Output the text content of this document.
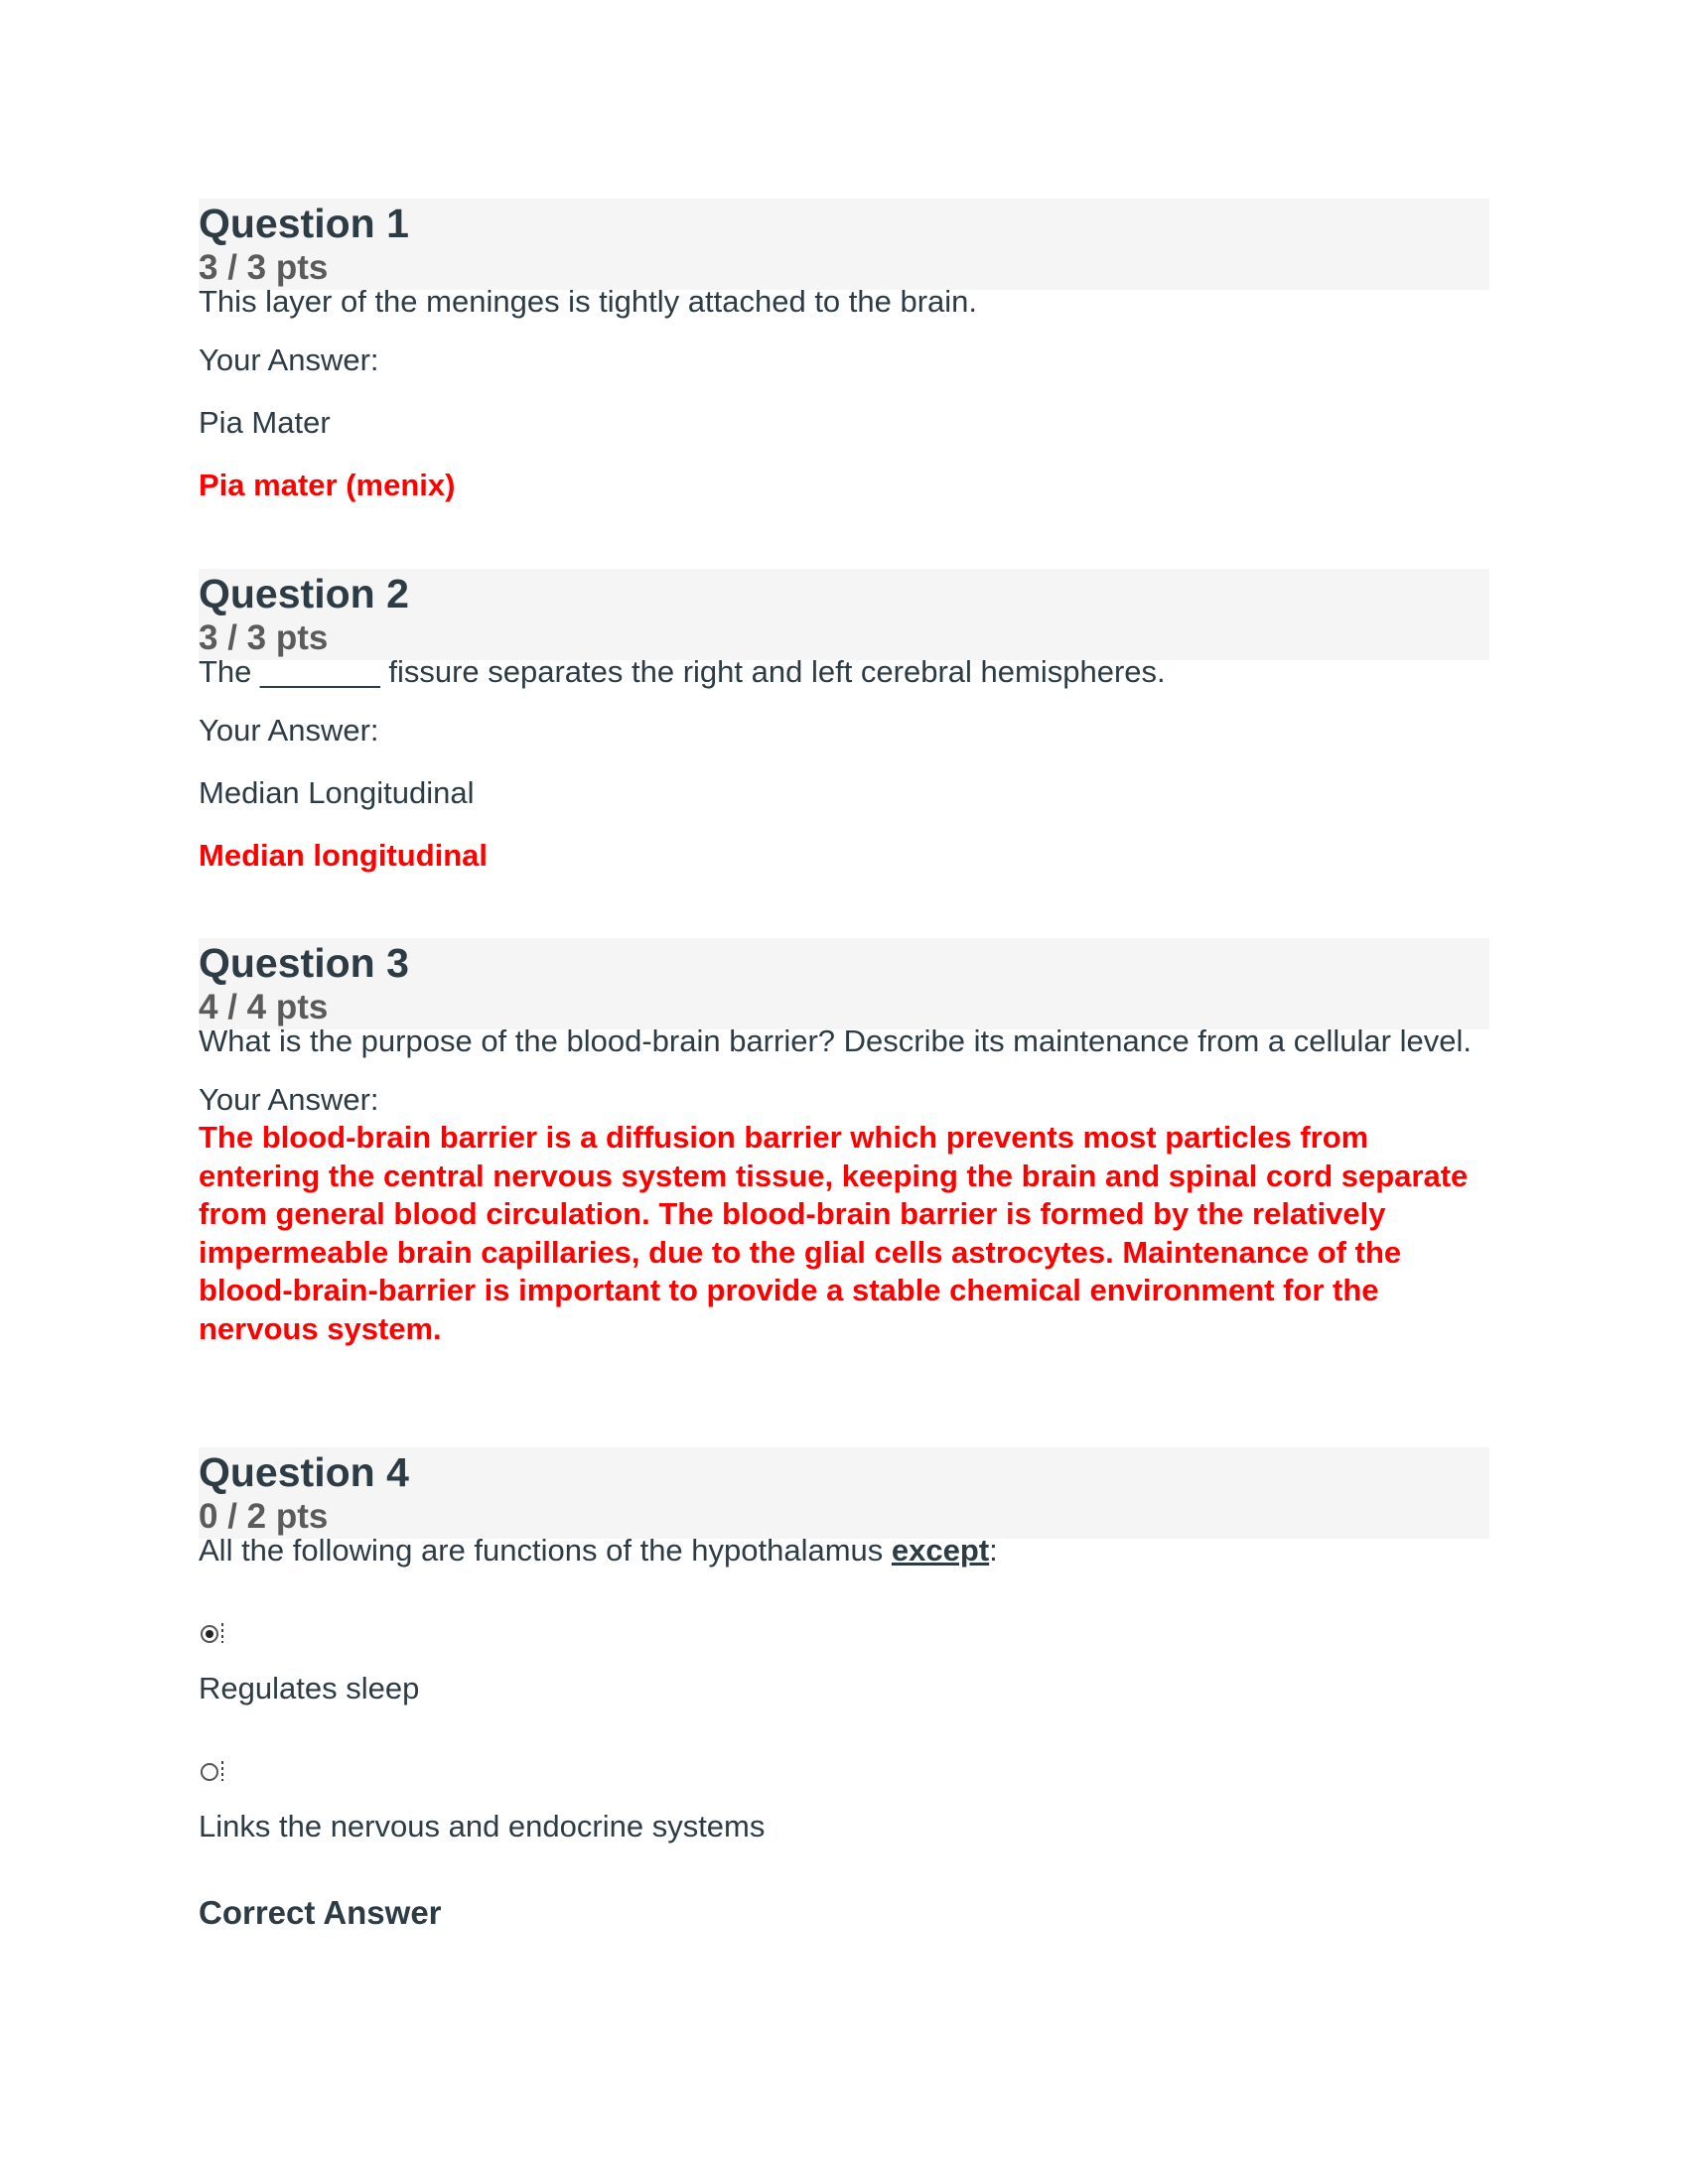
Question 1
3 / 3 pts
This layer of the meninges is tightly attached to the brain.
Your Answer:
Pia Mater
Pia mater (menix)
Question 2
3 / 3 pts
The _______ fissure separates the right and left cerebral hemispheres.
Your Answer:
Median Longitudinal
Median longitudinal
Question 3
4 / 4 pts
What is the purpose of the blood-brain barrier? Describe its maintenance from a cellular level.
Your Answer:
The blood-brain barrier is a diffusion barrier which prevents most particles from entering the central nervous system tissue, keeping the brain and spinal cord separate from general blood circulation. The blood-brain barrier is formed by the relatively impermeable brain capillaries, due to the glial cells astrocytes. Maintenance of the blood-brain-barrier is important to provide a stable chemical environment for the nervous system.
Question 4
0 / 2 pts
All the following are functions of the hypothalamus except:
Regulates sleep
Links the nervous and endocrine systems
Correct Answer
